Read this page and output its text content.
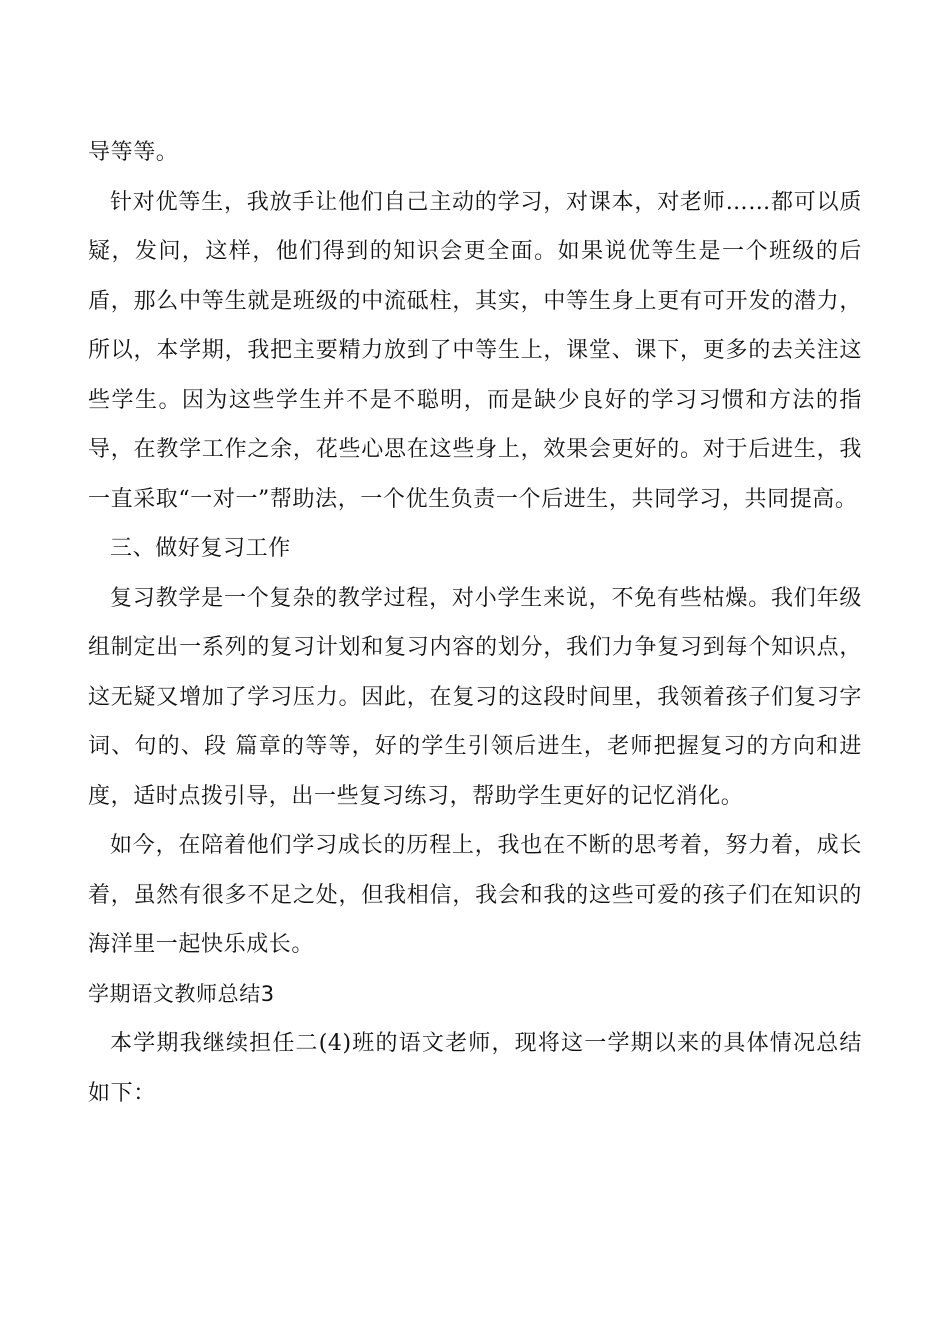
导等等。

针对优等生，我放手让他们自己主动的学习，对课本，对老师……都可以质疑，发问，这样，他们得到的知识会更全面。如果说优等生是一个班级的后盾，那么中等生就是班级的中流砥柱，其实，中等生身上更有可开发的潜力，所以，本学期，我把主要精力放到了中等生上，课堂、课下，更多的去关注这些学生。因为这些学生并不是不聪明，而是缺少良好的学习习惯和方法的指导，在教学工作之余，花些心思在这些身上，效果会更好的。对于后进生，我一直采取“一对一”帮助法，一个优生负责一个后进生，共同学习，共同提高。

三、做好复习工作

复习教学是一个复杂的教学过程，对小学生来说，不免有些枯燥。我们年级组制定出一系列的复习计划和复习内容的划分，我们力争复习到每个知识点，这无疑又增加了学习压力。因此，在复习的这段时间里，我领着孩子们复习字词、句的、段 篇章的等等，好的学生引领后进生，老师把握复习的方向和进度，适时点拨引导，出一些复习练习，帮助学生更好的记忆消化。

如今，在陪着他们学习成长的历程上，我也在不断的思考着，努力着，成长着，虽然有很多不足之处，但我相信，我会和我的这些可爱的孩子们在知识的海洋里一起快乐成长。

学期语文教师总结3

本学期我继续担任二(4)班的语文老师，现将这一学期以来的具体情况总结如下：
